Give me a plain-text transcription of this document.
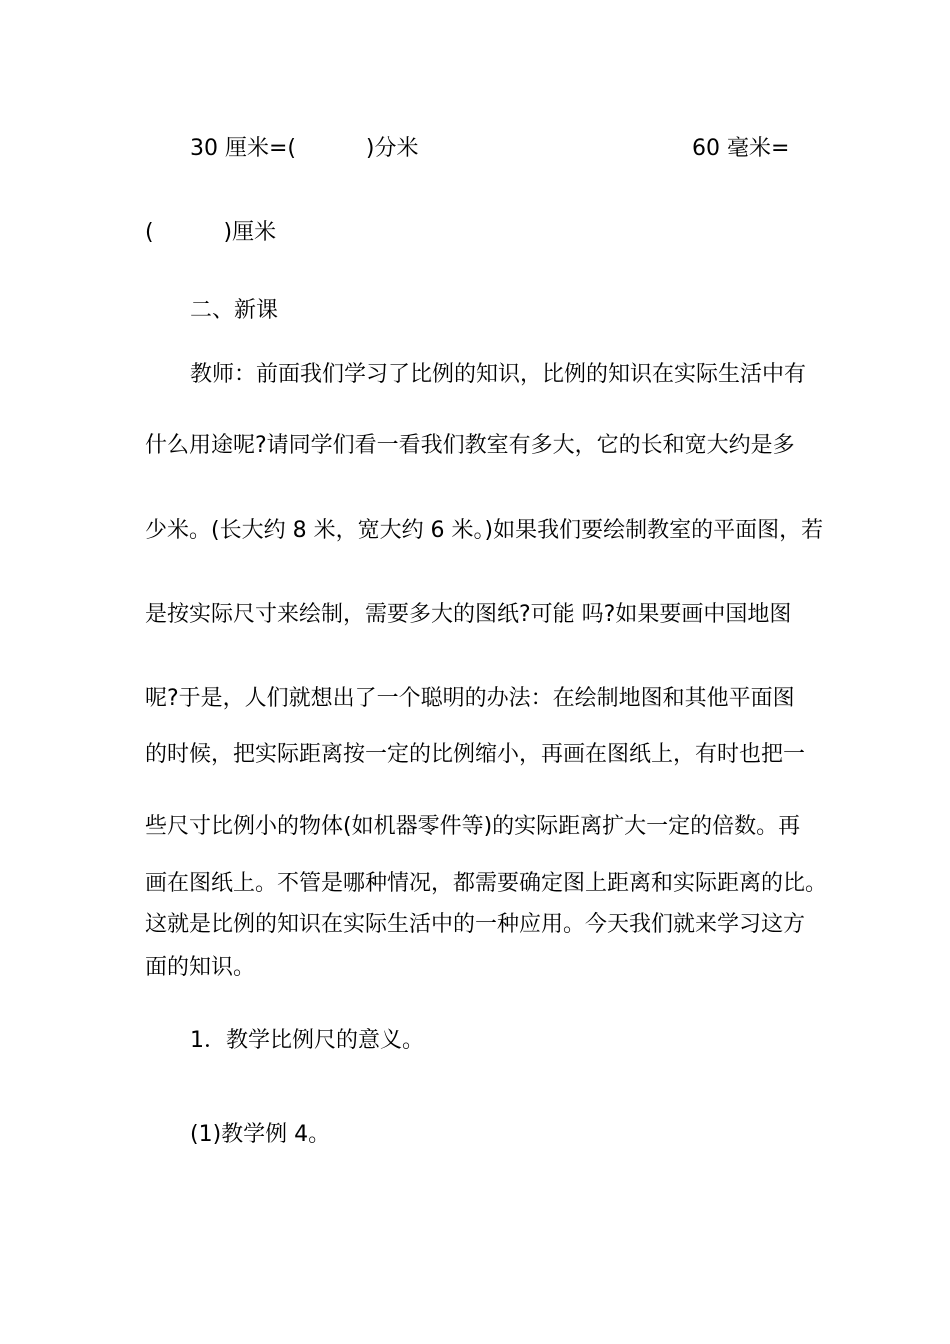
30 厘米=(          )分米	60 毫米=
(          )厘米
二、新课
教师：前面我们学习了比例的知识，比例的知识在实际生活中有
什么用途呢?请同学们看一看我们教室有多大，它的长和宽大约是多
少米。(长大约 8 米，宽大约 6 米。)如果我们要绘制教室的平面图，若
是按实际尺寸来绘制，需要多大的图纸?可能 吗?如果要画中国地图
呢?于是，人们就想出了一个聪明的办法：在绘制地图和其他平面图
的时候，把实际距离按一定的比例缩小，再画在图纸上，有时也把一
些尺寸比例小的物体(如机器零件等)的实际距离扩大一定的倍数。再
画在图纸上。不管是哪种情况，都需要确定图上距离和实际距离的比。
这就是比例的知识在实际生活中的一种应用。今天我们就来学习这方
面的知识。
1．教学比例尺的意义。
(1)教学例 4。
